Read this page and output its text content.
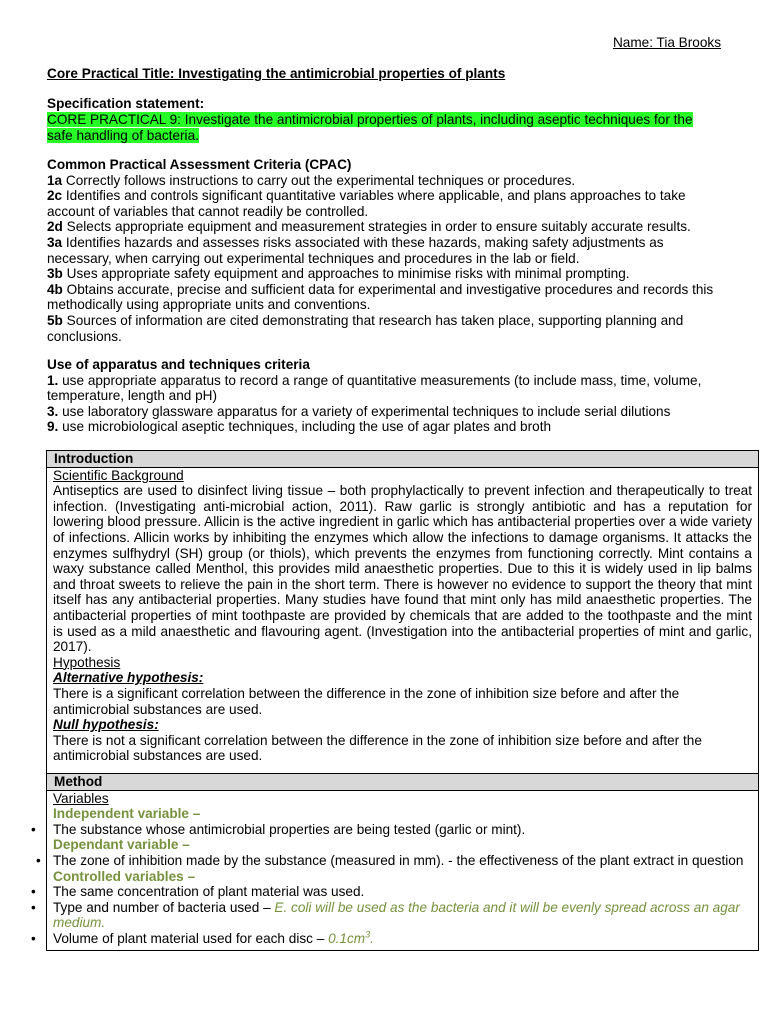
Name: Tia Brooks
Core Practical Title: Investigating the antimicrobial properties of plants
Specification statement:
CORE PRACTICAL 9: Investigate the antimicrobial properties of plants, including aseptic techniques for the safe handling of bacteria.

Common Practical Assessment Criteria (CPAC)

1a Correctly follows instructions to carry out the experimental techniques or procedures.

2c Identifies and controls significant quantitative variables where applicable, and plans approaches to take account of variables that cannot readily be controlled.

2d Selects appropriate equipment and measurement strategies in order to ensure suitably accurate results.

3a Identifies hazards and assesses risks associated with these hazards, making safety adjustments as necessary, when carrying out experimental techniques and procedures in the lab or field.

3b Uses appropriate safety equipment and approaches to minimise risks with minimal prompting.

4b Obtains accurate, precise and sufficient data for experimental and investigative procedures and records this methodically using appropriate units and conventions.

5b Sources of information are cited demonstrating that research has taken place, supporting planning and conclusions.

Use of apparatus and techniques criteria

1. use appropriate apparatus to record a range of quantitative measurements (to include mass, time, volume, temperature, length and pH)

3. use laboratory glassware apparatus for a variety of experimental techniques to include serial dilutions

9. use microbiological aseptic techniques, including the use of agar plates and broth

Introduction

Scientific Background
Antiseptics are used to disinfect living tissue – both prophylactically to prevent infection and therapeutically to treat infection. (Investigating anti-microbial action, 2011). Raw garlic is strongly antibiotic and has a reputation for lowering blood pressure. Allicin is the active ingredient in garlic which has antibacterial properties over a wide variety of infections. Allicin works by inhibiting the enzymes which allow the infections to damage organisms. It attacks the enzymes sulfhydryl (SH) group (or thiols), which prevents the enzymes from functioning correctly. Mint contains a waxy substance called Menthol, this provides mild anaesthetic properties. Due to this it is widely used in lip balms and throat sweets to relieve the pain in the short term. There is however no evidence to support the theory that mint itself has any antibacterial properties. Many studies have found that mint only has mild anaesthetic properties. The antibacterial properties of mint toothpaste are provided by chemicals that are added to the toothpaste and the mint is used as a mild anaesthetic and flavouring agent. (Investigation into the antibacterial properties of mint and garlic, 2017).
Hypothesis
Alternative hypothesis:
There is a significant correlation between the difference in the zone of inhibition size before and after the antimicrobial substances are used.
Null hypothesis:
There is not a significant correlation between the difference in the zone of inhibition size before and after the antimicrobial substances are used.
Method

Variables
Independent variable –
• The substance whose antimicrobial properties are being tested (garlic or mint).
Dependant variable –
• The zone of inhibition made by the substance (measured in mm). - the effectiveness of the plant extract in question
Controlled variables –
• The same concentration of plant material was used.
• Type and number of bacteria used – E. coli will be used as the bacteria and it will be evenly spread across an agar medium.
• Volume of plant material used for each disc – $0.1cm^3$.
